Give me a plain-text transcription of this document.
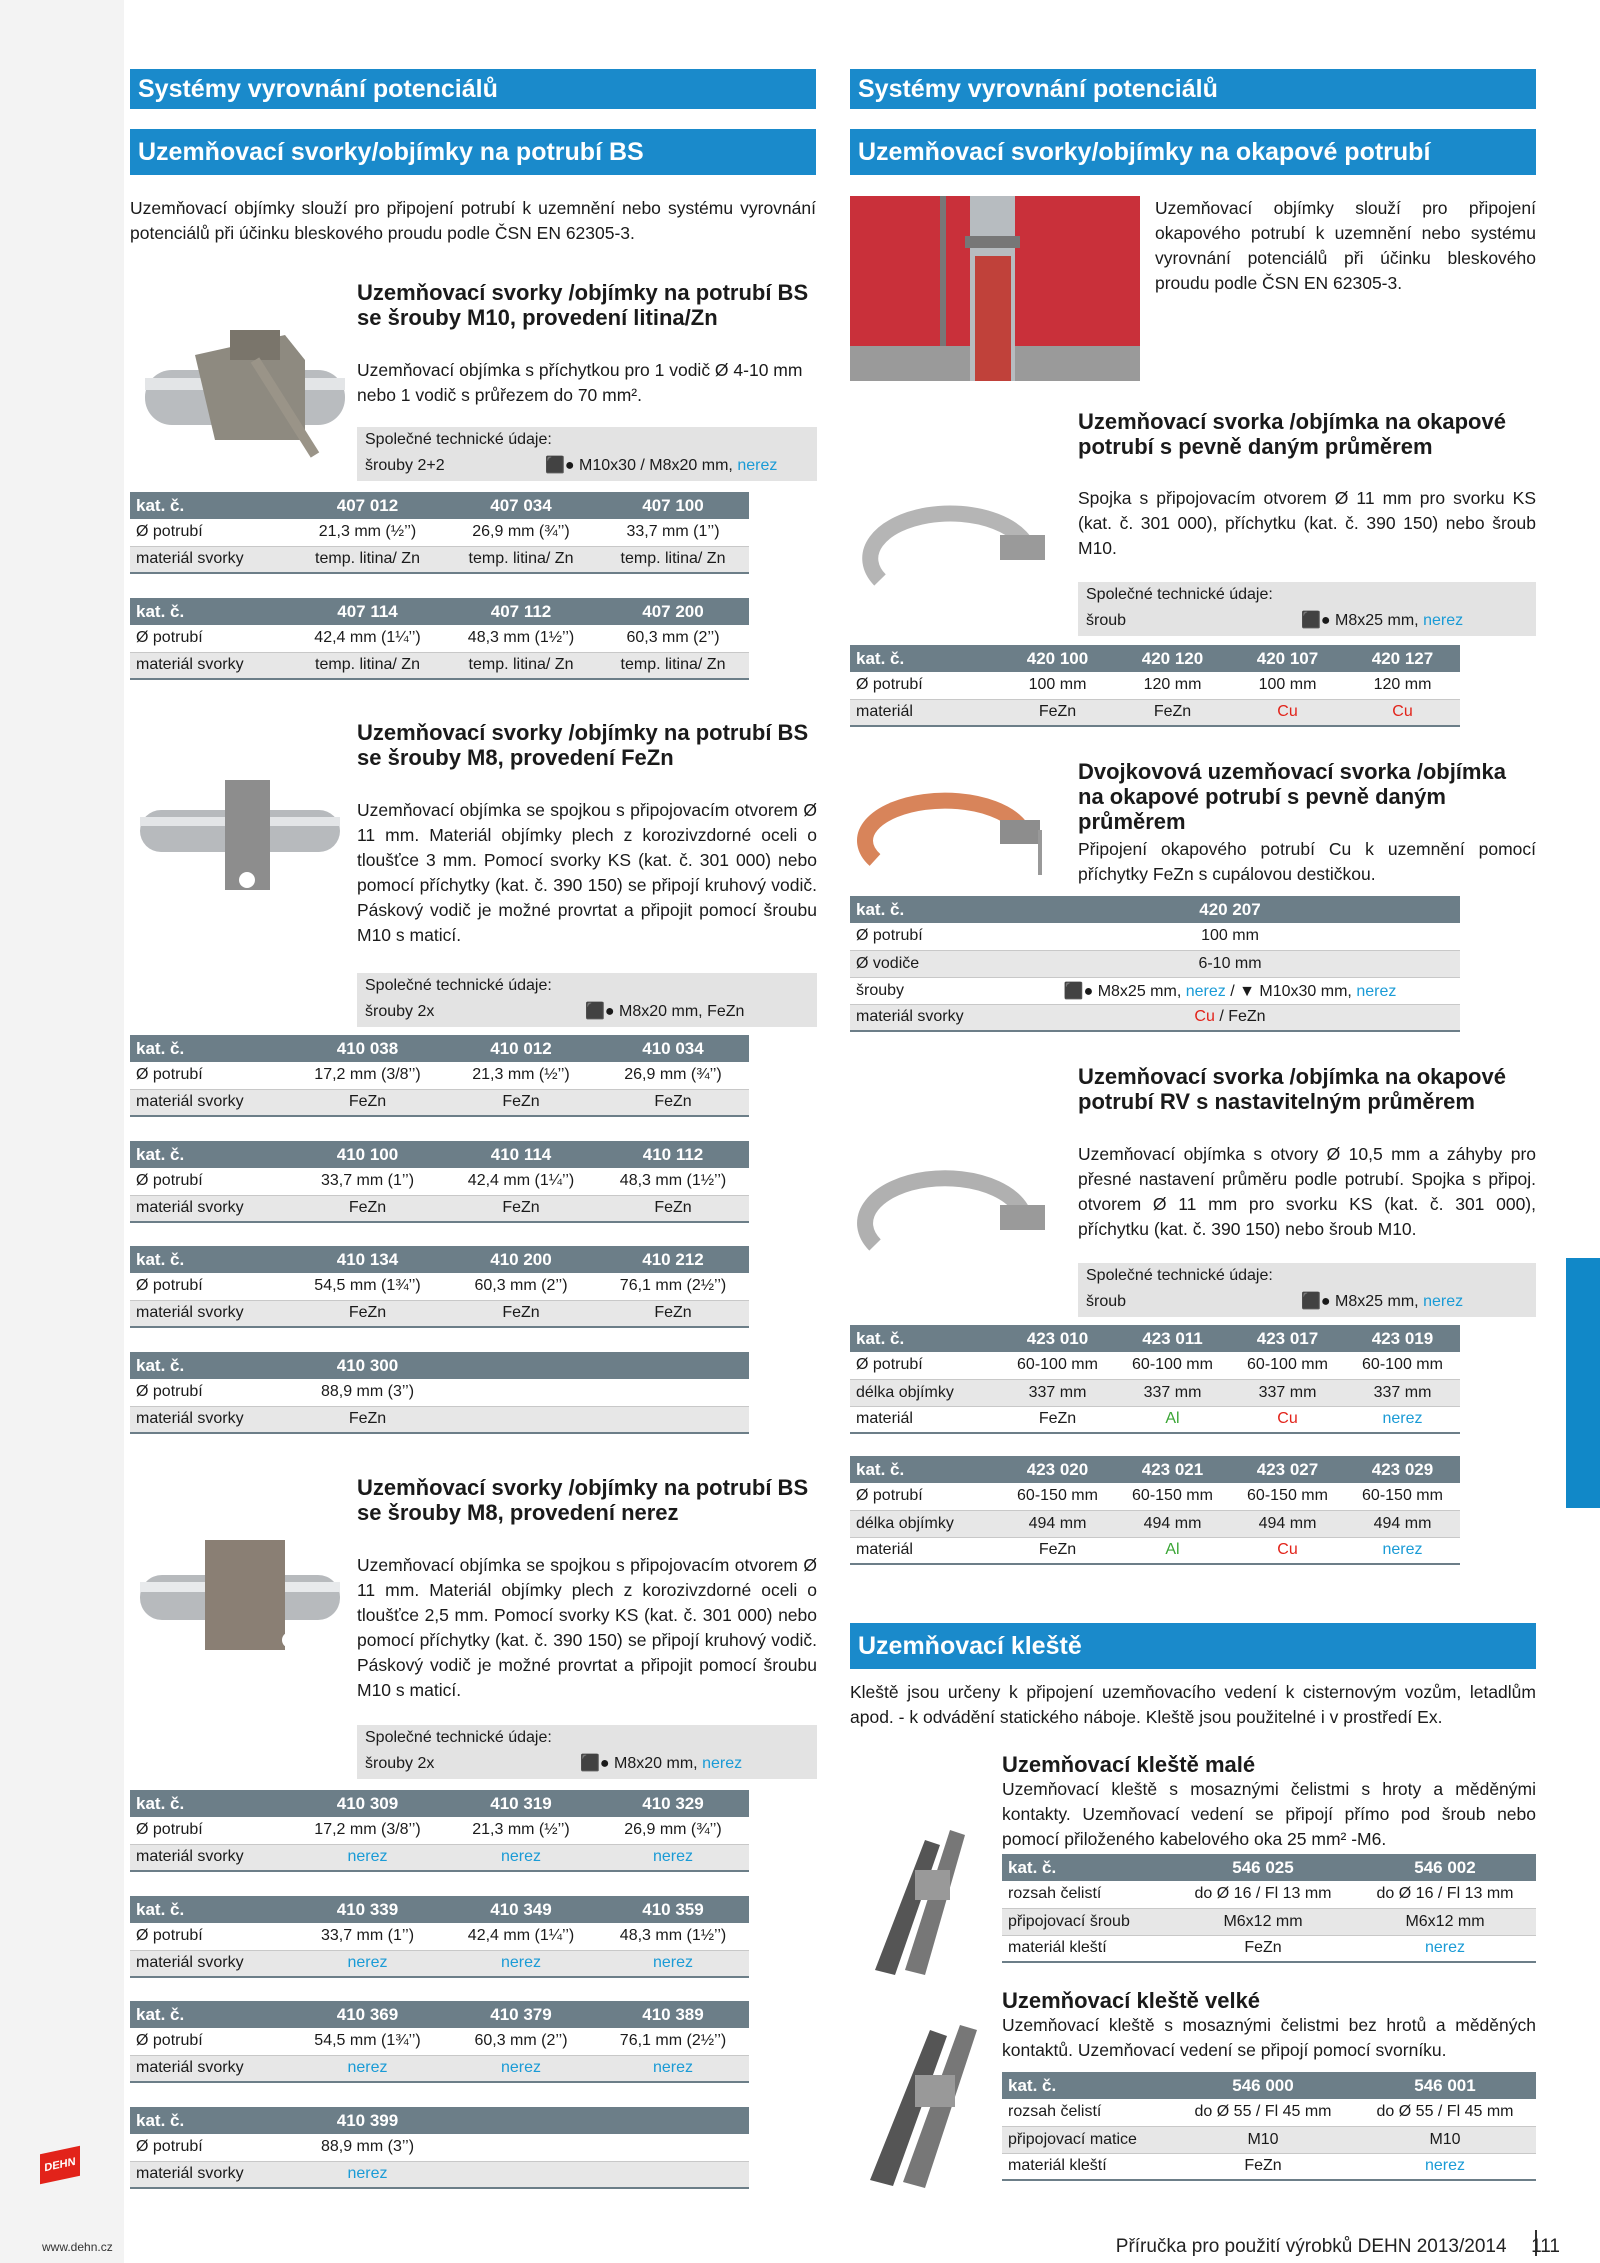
Systémy vyrovnání potenciálů
Uzemňovací svorky/objímky na potrubí BS
Uzemňovací objímky slouží pro připojení potrubí k uzemnění nebo systému vyrovnání potenciálů při účinku bleskového proudu podle ČSN EN 62305-3.
Uzemňovací svorky /objímky na potrubí BS se šrouby M10, provedení litina/Zn
Uzemňovací objímka s příchytkou pro 1 vodič Ø 4-10 mm nebo 1 vodič s průřezem do 70 mm².
Společné technické údaje:
šrouby 2+2	⬛● M10x30 / M8x20 mm, nerez
Uzemňovací svorky /objímky na potrubí BS se šrouby M8, provedení FeZn
Uzemňovací objímka se spojkou s připojovacím otvorem Ø 11 mm. Materiál objímky plech z korozivzdorné oceli o tloušťce 3 mm. Pomocí svorky KS (kat. č. 301 000) nebo pomocí příchytky (kat. č. 390 150) se připojí kruhový vodič. Páskový vodič je možné provrtat a připojit pomocí šroubu M10 s maticí.
Společné technické údaje:
šrouby 2x	⬛● M8x20 mm, FeZn
Uzemňovací svorky /objímky na potrubí BS se šrouby M8, provedení nerez
Uzemňovací objímka se spojkou s připojovacím otvorem Ø 11 mm. Materiál objímky plech z korozivzdorné oceli o tloušťce 2,5 mm. Pomocí svorky KS (kat. č. 301 000) nebo pomocí příchytky (kat. č. 390 150) se připojí kruhový vodič. Páskový vodič je možné provrtat a připojit pomocí šroubu M10 s maticí.
Společné technické údaje:
šrouby 2x	⬛● M8x20 mm, nerez
Systémy vyrovnání potenciálů
Uzemňovací svorky/objímky na okapové potrubí
Uzemňovací objímky slouží pro připojení okapového potrubí k uzemnění nebo systému vyrovnání potenciálů při účinku bleskového proudu podle ČSN EN 62305-3.
Uzemňovací svorka /objímka na okapové potrubí s pevně daným průměrem
Spojka s připojovacím otvorem Ø 11 mm pro svorku KS (kat. č. 301 000), příchytku (kat. č. 390 150) nebo šroub M10.
Společné technické údaje:
šroub	⬛● M8x25 mm, nerez
Dvojkovová uzemňovací svorka /objímka na okapové potrubí s pevně daným průměrem
Připojení okapového potrubí Cu k uzemnění pomocí příchytky FeZn s cupálovou destičkou.
Uzemňovací svorka /objímka na okapové potrubí RV s nastavitelným průměrem
Uzemňovací objímka s otvory Ø 10,5 mm a záhyby pro přesné nastavení průměru podle potrubí. Spojka s připoj. otvorem Ø 11 mm pro svorku KS (kat. č. 301 000), příchytku (kat. č. 390 150) nebo šroub M10.
Společné technické údaje:
šroub	⬛● M8x25 mm, nerez
Uzemňovací kleště
Kleště jsou určeny k připojení uzemňovacího vedení k cisternovým vozům, letadlům apod. - k odvádění statického náboje. Kleště jsou použitelné i v prostředí Ex.
Uzemňovací kleště malé
Uzemňovací kleště s mosaznými čelistmi s hroty a měděnými kontakty. Uzemňovací vedení se připojí přímo pod šroub nebo pomocí přiloženého kabelového oka 25 mm² -M6.
Uzemňovací kleště velké
Uzemňovací kleště s mosaznými čelistmi bez hrotů a měděných kontaktů. Uzemňovací vedení se připojí pomocí svorníku.
DEHN
www.dehn.cz	Příručka pro použití výrobků DEHN 2013/2014 111
kat. č.	407 012	407 034	407 100
Ø potrubí	21,3 mm (½’’)	26,9 mm (¾’’)	33,7 mm (1’’)
materiál svorky	temp. litina/ Zn	temp. litina/ Zn	temp. litina/ Zn
kat. č.	407 114	407 112	407 200
Ø potrubí	42,4 mm (1¼’’)	48,3 mm (1½’’)	60,3 mm (2’’)
materiál svorky	temp. litina/ Zn	temp. litina/ Zn	temp. litina/ Zn
kat. č.	410 038	410 012	410 034
Ø potrubí	17,2 mm (3/8’’)	21,3 mm (½’’)	26,9 mm (¾’’)
materiál svorky	FeZn	FeZn	FeZn
kat. č.	410 100	410 114	410 112
Ø potrubí	33,7 mm (1’’)	42,4 mm (1¼’’)	48,3 mm (1½’’)
materiál svorky	FeZn	FeZn	FeZn
kat. č.	410 134	410 200	410 212
Ø potrubí	54,5 mm (1¾’’)	60,3 mm (2’’)	76,1 mm (2½’’)
materiál svorky	FeZn	FeZn	FeZn
kat. č.	410 300		
Ø potrubí	88,9 mm (3’’)		
materiál svorky	FeZn		
kat. č.	410 309	410 319	410 329
Ø potrubí	17,2 mm (3/8’’)	21,3 mm (½’’)	26,9 mm (¾’’)
materiál svorky	nerez	nerez	nerez
kat. č.	410 339	410 349	410 359
Ø potrubí	33,7 mm (1’’)	42,4 mm (1¼’’)	48,3 mm (1½’’)
materiál svorky	nerez	nerez	nerez
kat. č.	410 369	410 379	410 389
Ø potrubí	54,5 mm (1¾’’)	60,3 mm (2’’)	76,1 mm (2½’’)
materiál svorky	nerez	nerez	nerez
kat. č.	410 399		
Ø potrubí	88,9 mm (3’’)		
materiál svorky	nerez		
kat. č.	420 100	420 120	420 107	420 127
Ø potrubí	100 mm	120 mm	100 mm	120 mm
materiál	FeZn	FeZn	Cu	Cu
kat. č.	423 010	423 011	423 017	423 019
Ø potrubí	60-100 mm	60-100 mm	60-100 mm	60-100 mm
délka objímky	337 mm	337 mm	337 mm	337 mm
materiál	FeZn	Al	Cu	nerez
kat. č.	423 020	423 021	423 027	423 029
Ø potrubí	60-150 mm	60-150 mm	60-150 mm	60-150 mm
délka objímky	494 mm	494 mm	494 mm	494 mm
materiál	FeZn	Al	Cu	nerez
kat. č.	546 025	546 002
rozsah čelistí	do Ø 16 / Fl 13 mm	do Ø 16 / Fl 13 mm
připojovací šroub	M6x12 mm	M6x12 mm
materiál kleští	FeZn	nerez
kat. č.	546 000	546 001
rozsah čelistí	do Ø 55 / Fl 45 mm	do Ø 55 / Fl 45 mm
připojovací matice	M10	M10
materiál kleští	FeZn	nerez
kat. č.	420 207
Ø potrubí	100 mm
Ø vodiče	6-10 mm
šrouby	⬛● M8x25 mm, nerez / ▼ M10x30 mm, nerez
materiál svorky	Cu / FeZn
